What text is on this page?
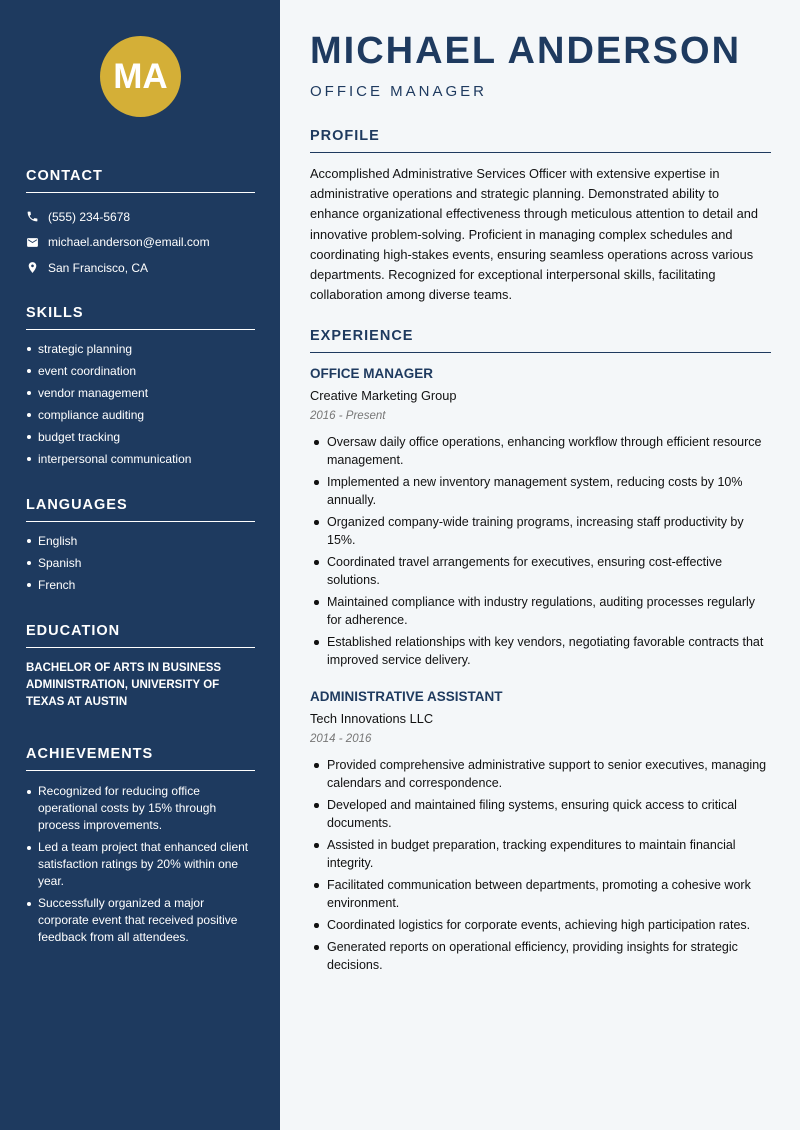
MA
CONTACT
(555) 234-5678
michael.anderson@email.com
San Francisco, CA
SKILLS
strategic planning
event coordination
vendor management
compliance auditing
budget tracking
interpersonal communication
LANGUAGES
English
Spanish
French
EDUCATION

BACHELOR OF ARTS IN BUSINESS ADMINISTRATION, UNIVERSITY OF TEXAS AT AUSTIN

ACHIEVEMENTS
Recognized for reducing office operational costs by 15% through process improvements.
Led a team project that enhanced client satisfaction ratings by 20% within one year.
Successfully organized a major corporate event that received positive feedback from all attendees.
MICHAEL ANDERSON
OFFICE MANAGER
PROFILE

Accomplished Administrative Services Officer with extensive expertise in administrative operations and strategic planning. Demonstrated ability to enhance organizational effectiveness through meticulous attention to detail and innovative problem-solving. Proficient in managing complex schedules and coordinating high-stakes events, ensuring seamless operations across various departments. Recognized for exceptional interpersonal skills, facilitating collaboration among diverse teams.

EXPERIENCE
OFFICE MANAGER
Creative Marketing Group
2016 - Present
Oversaw daily office operations, enhancing workflow through efficient resource management.
Implemented a new inventory management system, reducing costs by 10% annually.
Organized company-wide training programs, increasing staff productivity by 15%.
Coordinated travel arrangements for executives, ensuring cost-effective solutions.
Maintained compliance with industry regulations, auditing processes regularly for adherence.
Established relationships with key vendors, negotiating favorable contracts that improved service delivery.
ADMINISTRATIVE ASSISTANT
Tech Innovations LLC
2014 - 2016
Provided comprehensive administrative support to senior executives, managing calendars and correspondence.
Developed and maintained filing systems, ensuring quick access to critical documents.
Assisted in budget preparation, tracking expenditures to maintain financial integrity.
Facilitated communication between departments, promoting a cohesive work environment.
Coordinated logistics for corporate events, achieving high participation rates.
Generated reports on operational efficiency, providing insights for strategic decisions.
